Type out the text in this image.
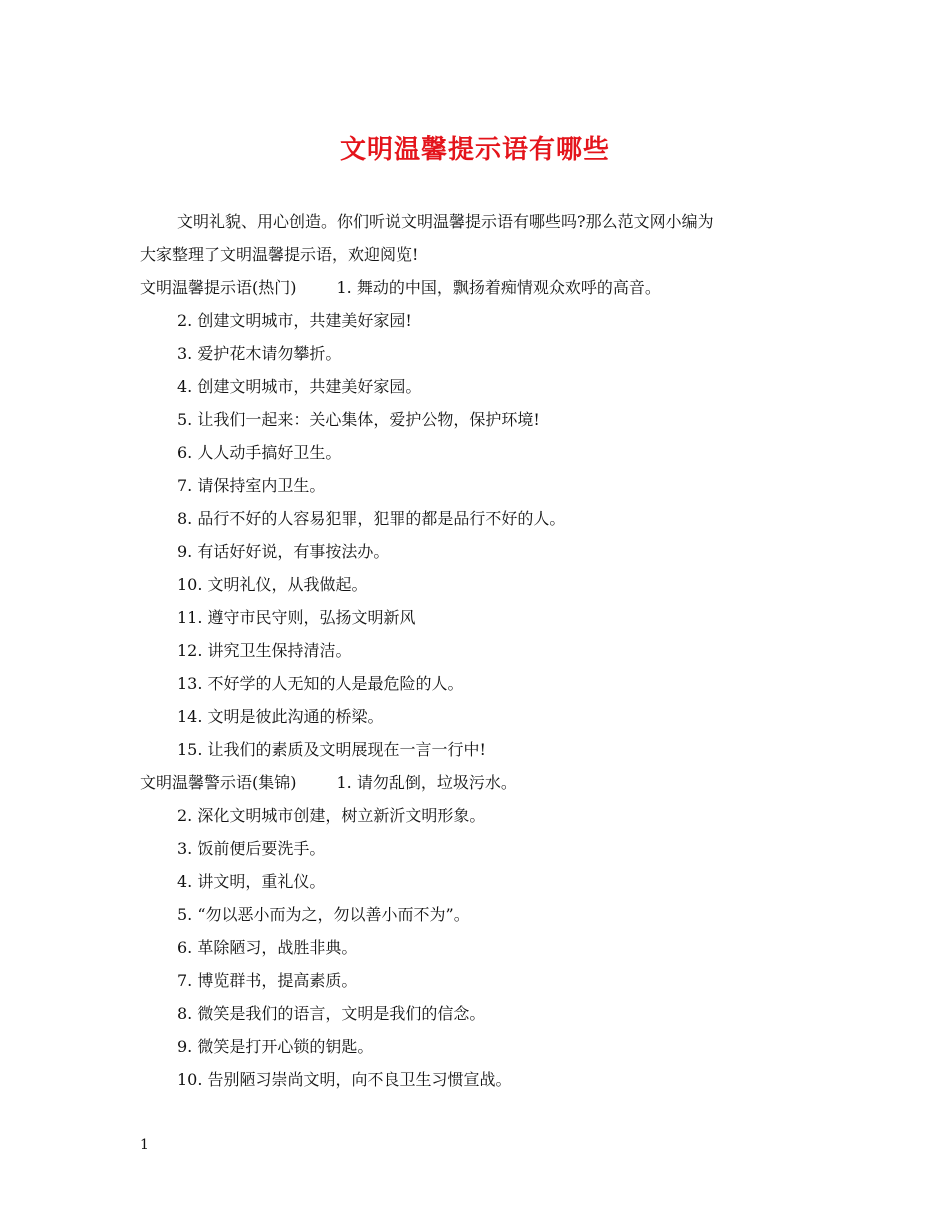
文明温馨提示语有哪些
文明礼貌、用心创造。你们听说文明温馨提示语有哪些吗?那么范文网小编为
大家整理了文明温馨提示语，欢迎阅览!
文明温馨提示语(热门)	1. 舞动的中国，飘扬着痴情观众欢呼的高音。
2. 创建文明城市，共建美好家园!
3. 爱护花木请勿攀折。
4. 创建文明城市，共建美好家园。
5. 让我们一起来：关心集体，爱护公物，保护环境!
6. 人人动手搞好卫生。
7. 请保持室内卫生。
8. 品行不好的人容易犯罪，犯罪的都是品行不好的人。
9. 有话好好说，有事按法办。
10. 文明礼仪，从我做起。
11. 遵守市民守则，弘扬文明新风
12. 讲究卫生保持清洁。
13. 不好学的人无知的人是最危险的人。
14. 文明是彼此沟通的桥梁。
15. 让我们的素质及文明展现在一言一行中!
文明温馨警示语(集锦)	1. 请勿乱倒，垃圾污水。
2. 深化文明城市创建，树立新沂文明形象。
3. 饭前便后要洗手。
4. 讲文明，重礼仪。
5. “勿以恶小而为之，勿以善小而不为”。
6. 革除陋习，战胜非典。
7. 博览群书，提高素质。
8. 微笑是我们的语言，文明是我们的信念。
9. 微笑是打开心锁的钥匙。
10. 告别陋习崇尚文明，向不良卫生习惯宣战。
1
